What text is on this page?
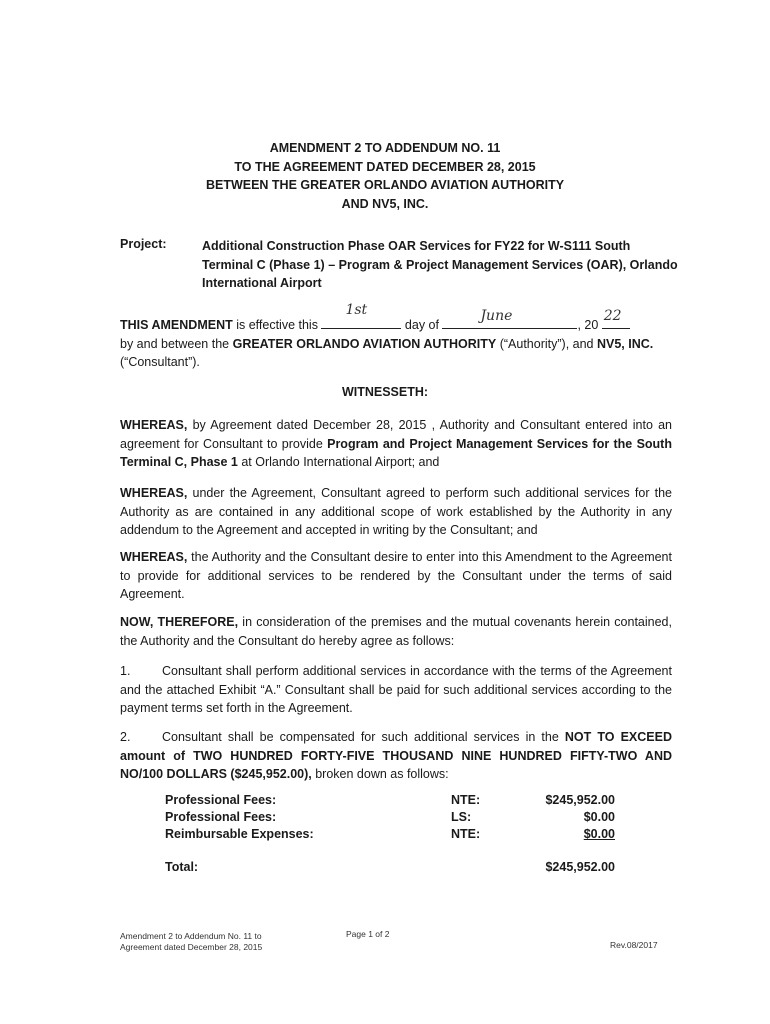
AMENDMENT 2 TO ADDENDUM NO. 11
TO THE AGREEMENT DATED DECEMBER 28, 2015
BETWEEN THE GREATER ORLANDO AVIATION AUTHORITY
AND NV5, INC.
Project:	Additional Construction Phase OAR Services for FY22 for W-S111 South Terminal C (Phase 1) – Program & Project Management Services (OAR), Orlando International Airport
THIS AMENDMENT is effective this
1st
day of
June
, 20
22

by and between the GREATER ORLANDO AVIATION AUTHORITY (“Authority”), and NV5, INC.
(“Consultant”).
WITNESSETH:
WHEREAS, by Agreement dated December 28, 2015 , Authority and Consultant entered into an agreement for Consultant to provide Program and Project Management Services for the South Terminal C, Phase 1 at Orlando International Airport; and
WHEREAS, under the Agreement, Consultant agreed to perform such additional services for the Authority as are contained in any additional scope of work established by the Authority in any addendum to the Agreement and accepted in writing by the Consultant; and
WHEREAS, the Authority and the Consultant desire to enter into this Amendment to the Agreement to provide for additional services to be rendered by the Consultant under the terms of said Agreement.
NOW, THEREFORE, in consideration of the premises and the mutual covenants herein contained, the Authority and the Consultant do hereby agree as follows:
1.	Consultant shall perform additional services in accordance with the terms of the Agreement and the attached Exhibit “A.” Consultant shall be paid for such additional services according to the payment terms set forth in the Agreement.
2.	Consultant shall be compensated for such additional services in the NOT TO EXCEED amount of TWO HUNDRED FORTY-FIVE THOUSAND NINE HUNDRED FIFTY-TWO AND NO/100 DOLLARS ($245,952.00), broken down as follows:
Professional Fees:	NTE:	$245,952.00
Professional Fees:	LS:	$0.00
Reimbursable Expenses:	NTE:	$0.00
Total:	$245,952.00
Amendment 2 to Addendum No. 11 to
Agreement dated December 28, 2015
Page 1 of 2
Rev.08/2017
